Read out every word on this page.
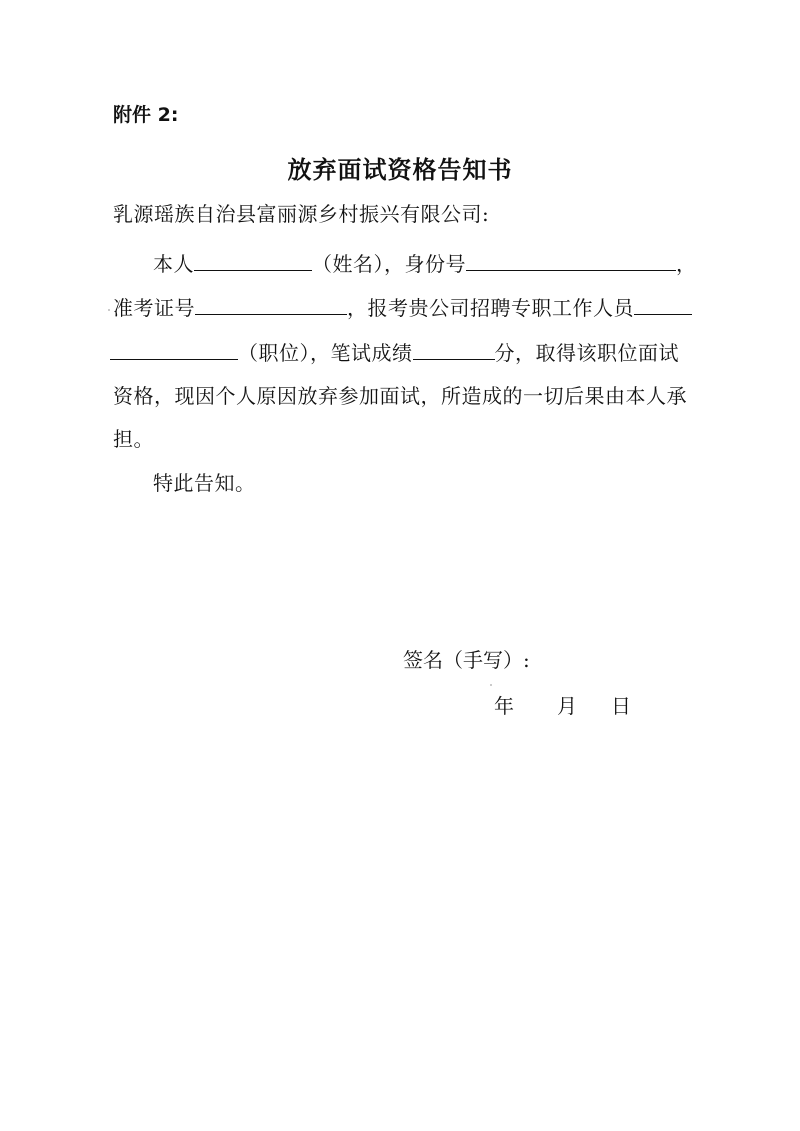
附件 2:
放弃面试资格告知书
乳源瑶族自治县富丽源乡村振兴有限公司:
本人	（姓名），身份号	，
准考证号	，报考贵公司招聘专职工作人员
（职位），笔试成绩	分，取得该职位面试
资格，现因个人原因放弃参加面试，所造成的一切后果由本人承
担。
特此告知。
签名（手写）:
年 月 日
